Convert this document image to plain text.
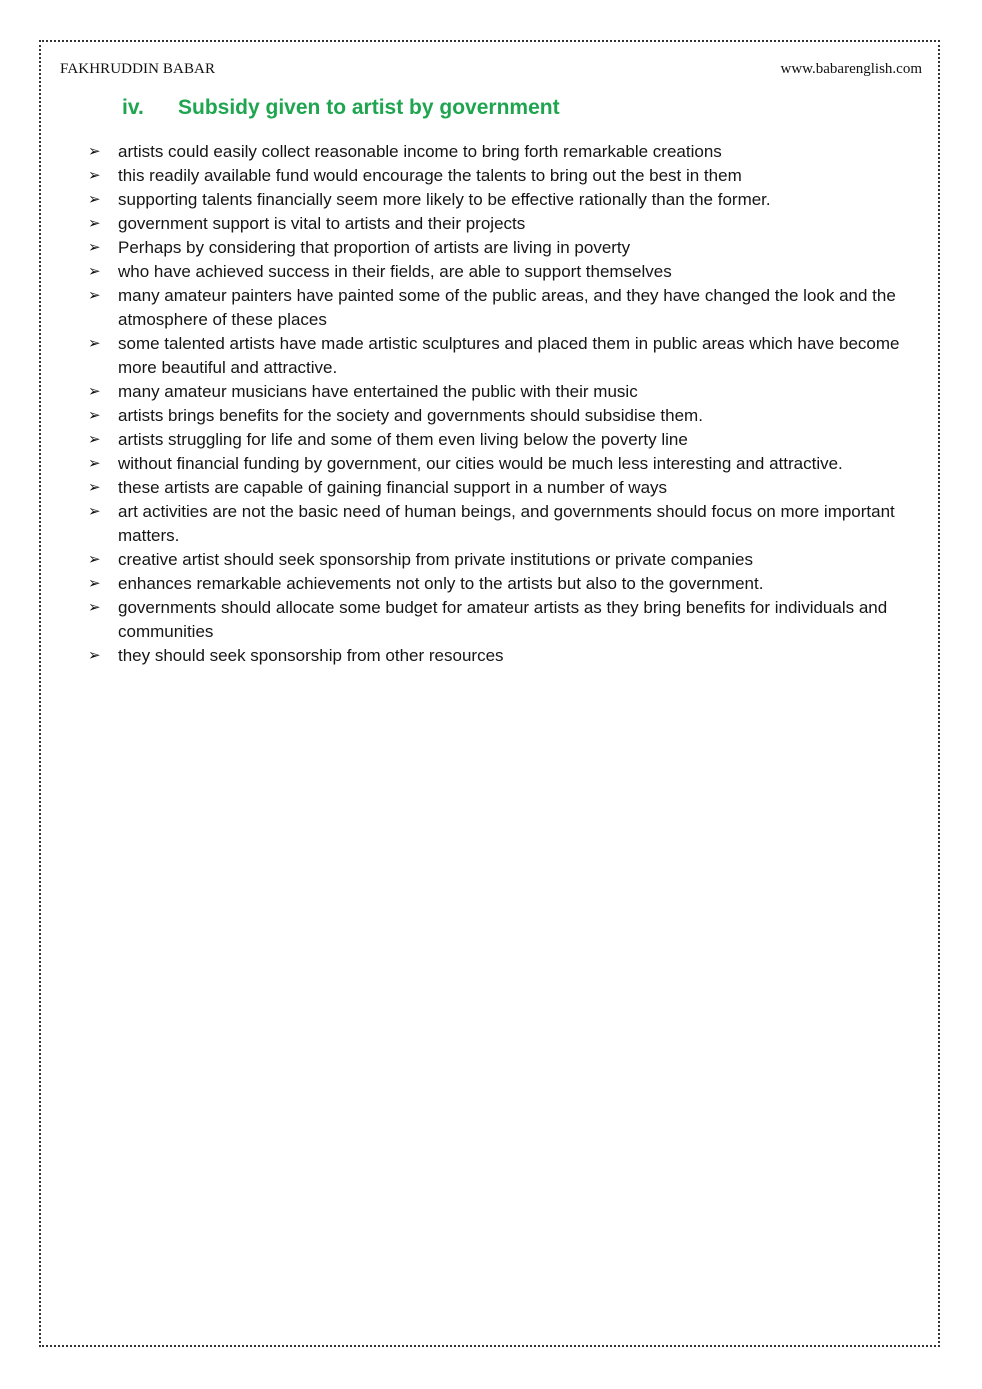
FAKHRUDDIN BABAR	www.babarenglish.com
iv.	Subsidy given to artist by government
➢	artists could easily collect reasonable income to bring forth remarkable creations
➢	this readily available fund would encourage the talents to bring out the best in them
➢	supporting talents financially seem more likely to be effective rationally than the former.
➢	government support is vital to artists and their projects
➢	Perhaps by considering that proportion of artists are living in poverty
➢	who have achieved success in their fields, are able to support themselves
➢	many amateur painters have painted some of the public areas, and they have changed the look and the atmosphere of these places
➢	some talented artists have made artistic sculptures and placed them in public areas which have become more beautiful and attractive.
➢	many amateur musicians have entertained the public with their music
➢	artists brings benefits for the society and governments should subsidise them.
➢	artists struggling for life and some of them even living below the poverty line
➢	without financial funding by government, our cities would be much less interesting and attractive.
➢	these artists are capable of gaining financial support in a number of ways
➢	art activities are not the basic need of human beings, and governments should focus on more important matters.
➢	creative artist should seek sponsorship from private institutions or private companies
➢	enhances remarkable achievements not only to the artists but also to the government.
➢	governments should allocate some budget for amateur artists as they bring benefits for individuals and communities
➢	they should seek sponsorship from other resources
